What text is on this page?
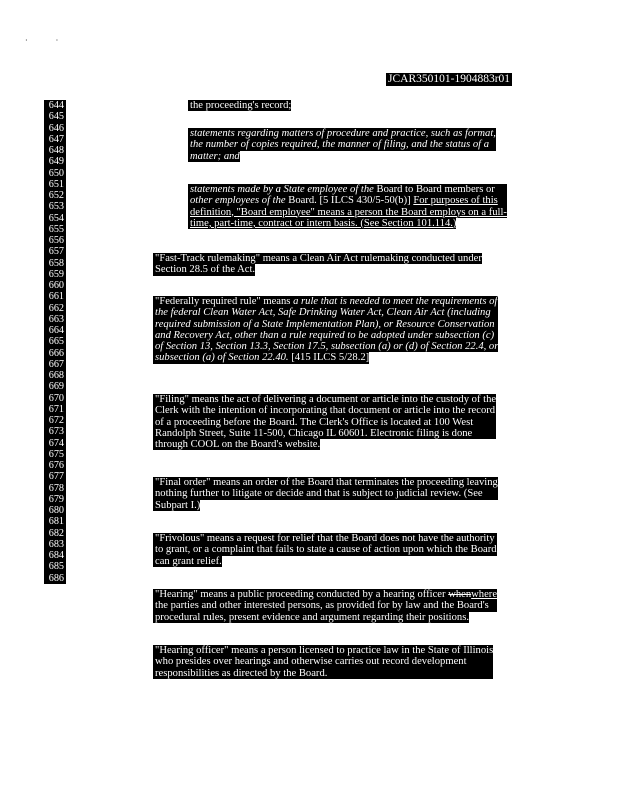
··
JCAR350101-1904883r01
644
645
646
647
648
649
650
651
652
653
654
655
656
657
658
659
660
661
662
663
664
665
666
667
668
669
670
671
672
673
674
675
676
677
678
679
680
681
682
683
684
685
686
the proceeding's record;
statements regarding matters of procedure and practice, such as format,
the number of copies required, the manner of filing, and the status of a
matter; and
statements made by a State employee of the Board to Board members or
other employees of the Board. [5 ILCS 430/5-50(b)] For purposes of this
definition, "Board employee" means a person the Board employs on a full-
time, part-time, contract or intern basis. (See Section 101.114.)
"Fast-Track rulemaking" means a Clean Air Act rulemaking conducted under
Section 28.5 of the Act.
"Federally required rule" means a rule that is needed to meet the requirements of
the federal Clean Water Act, Safe Drinking Water Act, Clean Air Act (including
required submission of a State Implementation Plan), or Resource Conservation
and Recovery Act, other than a rule required to be adopted under subsection (c)
of Section 13, Section 13.3, Section 17.5, subsection (a) or (d) of Section 22.4, or
subsection (a) of Section 22.40. [415 ILCS 5/28.2]
"Filing" means the act of delivering a document or article into the custody of the
Clerk with the intention of incorporating that document or article into the record
of a proceeding before the Board. The Clerk's Office is located at 100 West
Randolph Street, Suite 11-500, Chicago IL 60601. Electronic filing is done
through COOL on the Board's website.
"Final order" means an order of the Board that terminates the proceeding leaving
nothing further to litigate or decide and that is subject to judicial review. (See
Subpart I.)
"Frivolous" means a request for relief that the Board does not have the authority
to grant, or a complaint that fails to state a cause of action upon which the Board
can grant relief.
"Hearing" means a public proceeding conducted by a hearing officer whenwhere
the parties and other interested persons, as provided for by law and the Board's
procedural rules, present evidence and argument regarding their positions.
"Hearing officer" means a person licensed to practice law in the State of Illinois
who presides over hearings and otherwise carries out record development
responsibilities as directed by the Board.
